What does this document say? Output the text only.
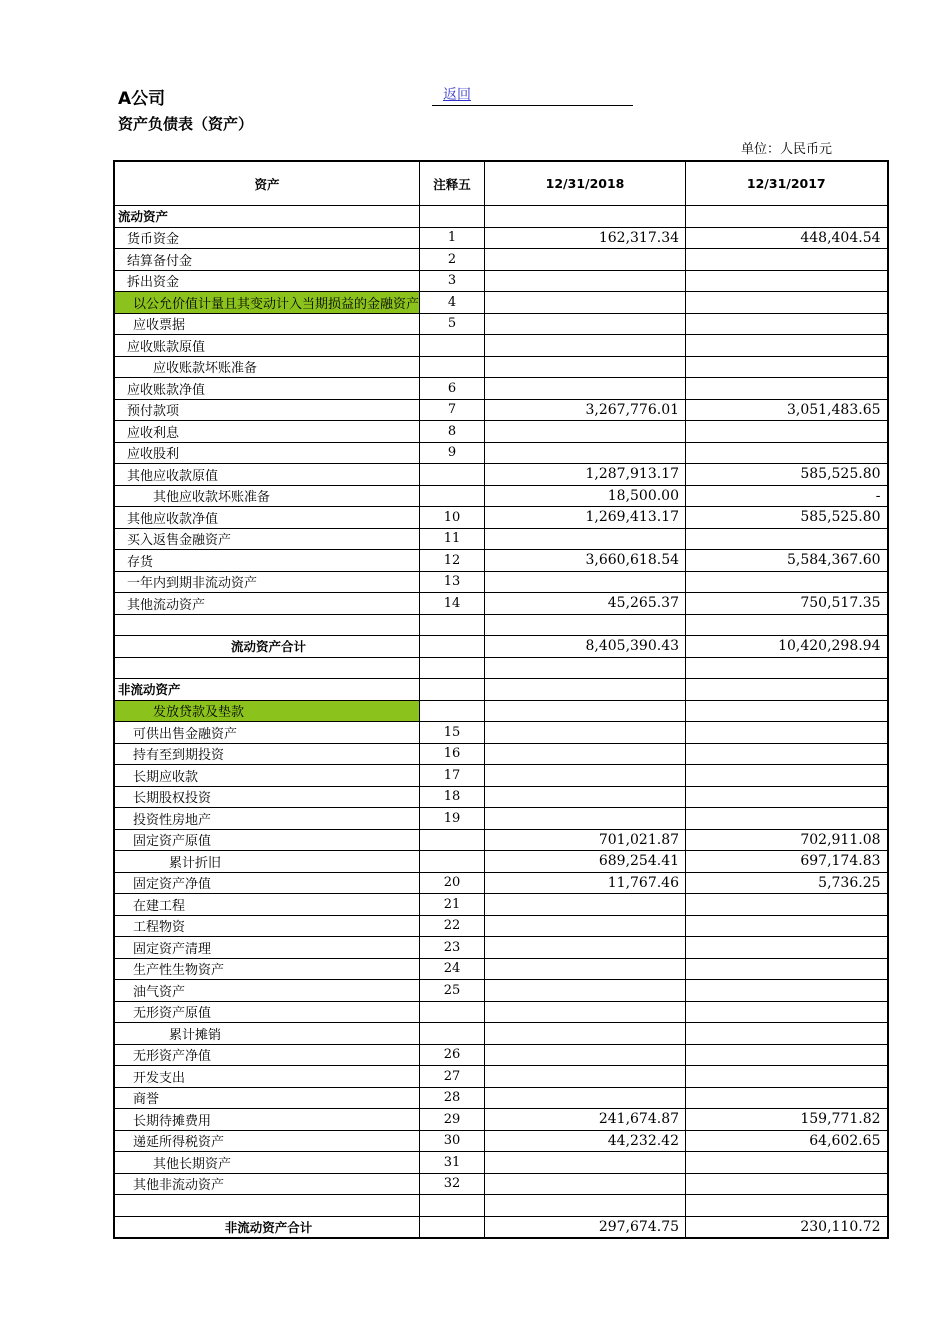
A公司	返回
资产负债表（资产）
单位：人民币元
资产	注释五	12/31/2018	12/31/2017
流动资产			
货币资金	1	162,317.34	448,404.54
结算备付金	2		
拆出资金	3		
以公允价值计量且其变动计入当期损益的金融资产	4		
应收票据	5		
应收账款原值			
应收账款坏账准备			
应收账款净值	6		
预付款项	7	3,267,776.01	3,051,483.65
应收利息	8		
应收股利	9		
其他应收款原值		1,287,913.17	585,525.80
其他应收款坏账准备		18,500.00	-
其他应收款净值	10	1,269,413.17	585,525.80
买入返售金融资产	11		
存货	12	3,660,618.54	5,584,367.60
一年内到期非流动资产	13		
其他流动资产	14	45,265.37	750,517.35

流动资产合计		8,405,390.43	10,420,298.94

非流动资产			
发放贷款及垫款			
可供出售金融资产	15		
持有至到期投资	16		
长期应收款	17		
长期股权投资	18		
投资性房地产	19		
固定资产原值		701,021.87	702,911.08
累计折旧		689,254.41	697,174.83
固定资产净值	20	11,767.46	5,736.25
在建工程	21		
工程物资	22		
固定资产清理	23		
生产性生物资产	24		
油气资产	25		
无形资产原值			
累计摊销			
无形资产净值	26		
开发支出	27		
商誉	28		
长期待摊费用	29	241,674.87	159,771.82
递延所得税资产	30	44,232.42	64,602.65
其他长期资产	31		
其他非流动资产	32		

非流动资产合计		297,674.75	230,110.72
